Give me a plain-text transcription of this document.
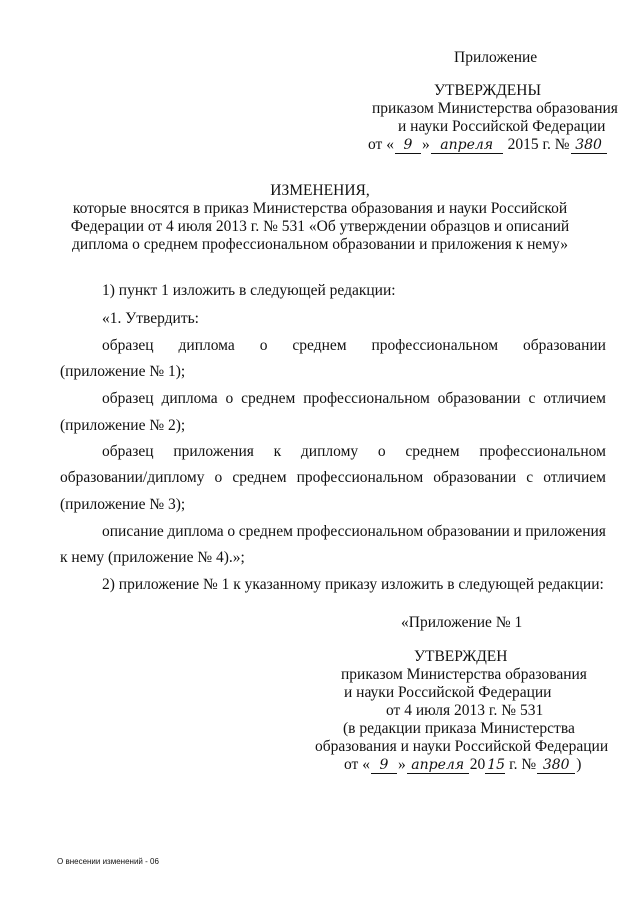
Приложение
УТВЕРЖДЕНЫ
приказом Министерства образования
и науки Российской Федерации
от « 9 » апреля 2015 г. № 380
ИЗМЕНЕНИЯ,
которые вносятся в приказ Министерства образования и науки Российской
Федерации от 4 июля 2013 г. № 531 «Об утверждении образцов и описаний
диплома о среднем профессиональном образовании и приложения к нему»
1) пункт 1 изложить в следующей редакции:
«1. Утвердить:
образец диплома о среднем профессиональном образовании
(приложение № 1);
образец диплома о среднем профессиональном образовании с отличием
(приложение № 2);
образец приложения к диплому о среднем профессиональном
образовании/диплому о среднем профессиональном образовании с отличием
(приложение № 3);
описание диплома о среднем профессиональном образовании и приложения
к нему (приложение № 4).»;
2) приложение № 1 к указанному приказу изложить в следующей редакции:
«Приложение № 1
УТВЕРЖДЕН
приказом Министерства образования
и науки Российской Федерации
от 4 июля 2013 г. № 531
(в редакции приказа Министерства
образования и науки Российской Федерации
от « 9 » апреля 20 15 г. № 380 )
О внесении изменений - 06
